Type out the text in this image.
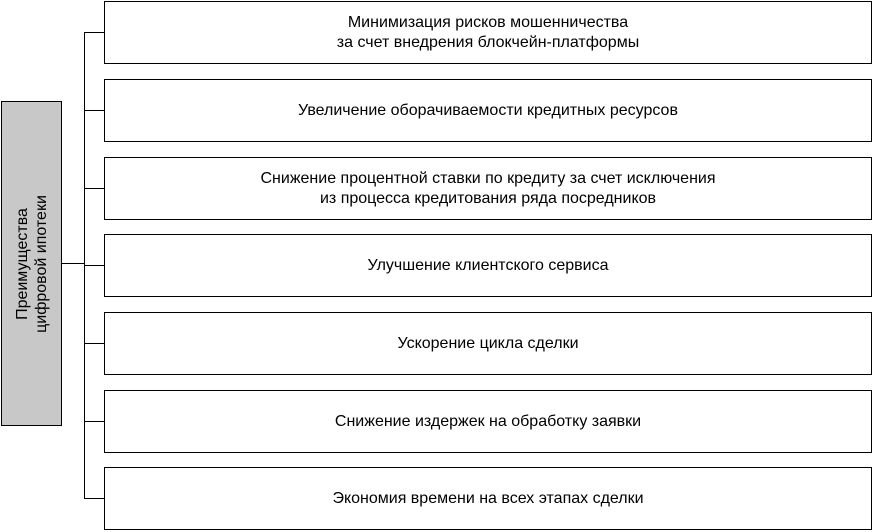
Преимущества цифровой ипотеки
Минимизация рисков мошенничества
за счет внедрения блокчейн-платформы
Увеличение оборачиваемости кредитных ресурсов
Снижение процентной ставки по кредиту за счет исключения
из процесса кредитования ряда посредников
Улучшение клиентского сервиса
Ускорение цикла сделки
Снижение издержек на обработку заявки
Экономия времени на всех этапах сделки
